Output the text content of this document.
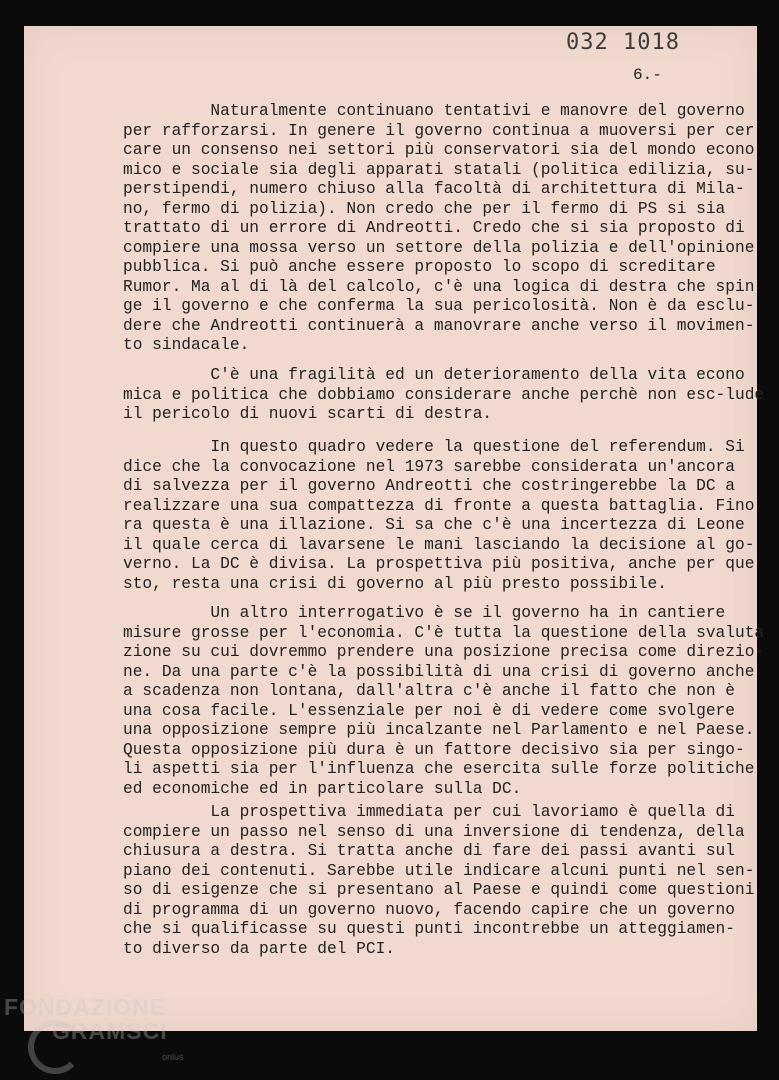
032 1018
6.-

Naturalmente continuano tentativi e manovre del governo
per rafforzarsi. In genere il governo continua a muoversi per cer
care un consenso nei settori più conservatori sia del mondo econo
mico e sociale sia degli apparati statali (politica edilizia, su-
perstipendi, numero chiuso alla facoltà di architettura di Mila-
no, fermo di polizia). Non credo che per il fermo di PS si sia
trattato di un errore di Andreotti. Credo che si sia proposto di
compiere una mossa verso un settore della polizia e dell'opinione
pubblica. Si può anche essere proposto lo scopo di screditare
Rumor. Ma al di là del calcolo, c'è una logica di destra che spin
ge il governo e che conferma la sua pericolosità. Non è da esclu-
dere che Andreotti continuerà a manovrare anche verso il movimen-
to sindacale.

C'è una fragilità ed un deterioramento della vita econo
mica e politica che dobbiamo considerare anche perchè non esc-lude
il pericolo di nuovi scarti di destra.

In questo quadro vedere la questione del referendum. Si
dice che la convocazione nel 1973 sarebbe considerata un'ancora
di salvezza per il governo Andreotti che costringerebbe la DC a
realizzare una sua compattezza di fronte a questa battaglia. Fino
ra questa è una illazione. Si sa che c'è una incertezza di Leone
il quale cerca di lavarsene le mani lasciando la decisione al go-
verno. La DC è divisa. La prospettiva più positiva, anche per que
sto, resta una crisi di governo al più presto possibile.

Un altro interrogativo è se il governo ha in cantiere
misure grosse per l'economia. C'è tutta la questione della svaluta
zione su cui dovremmo prendere una posizione precisa come direzio-
ne. Da una parte c'è la possibilità di una crisi di governo anche
a scadenza non lontana, dall'altra c'è anche il fatto che non è
una cosa facile. L'essenziale per noi è di vedere come svolgere
una opposizione sempre più incalzante nel Parlamento e nel Paese.
Questa opposizione più dura è un fattore decisivo sia per singo-
li aspetti sia per l'influenza che esercita sulle forze politiche
ed economiche ed in particolare sulla DC.

La prospettiva immediata per cui lavoriamo è quella di
compiere un passo nel senso di una inversione di tendenza, della
chiusura a destra. Si tratta anche di fare dei passi avanti sul
piano dei contenuti. Sarebbe utile indicare alcuni punti nel sen-
so di esigenze che si presentano al Paese e quindi come questioni
di programma di un governo nuovo, facendo capire che un governo
che si qualificasse su questi punti incontrebbe un atteggiamen-
to diverso da parte del PCI.

FONDAZIONE
GRAMSCI
onlus
